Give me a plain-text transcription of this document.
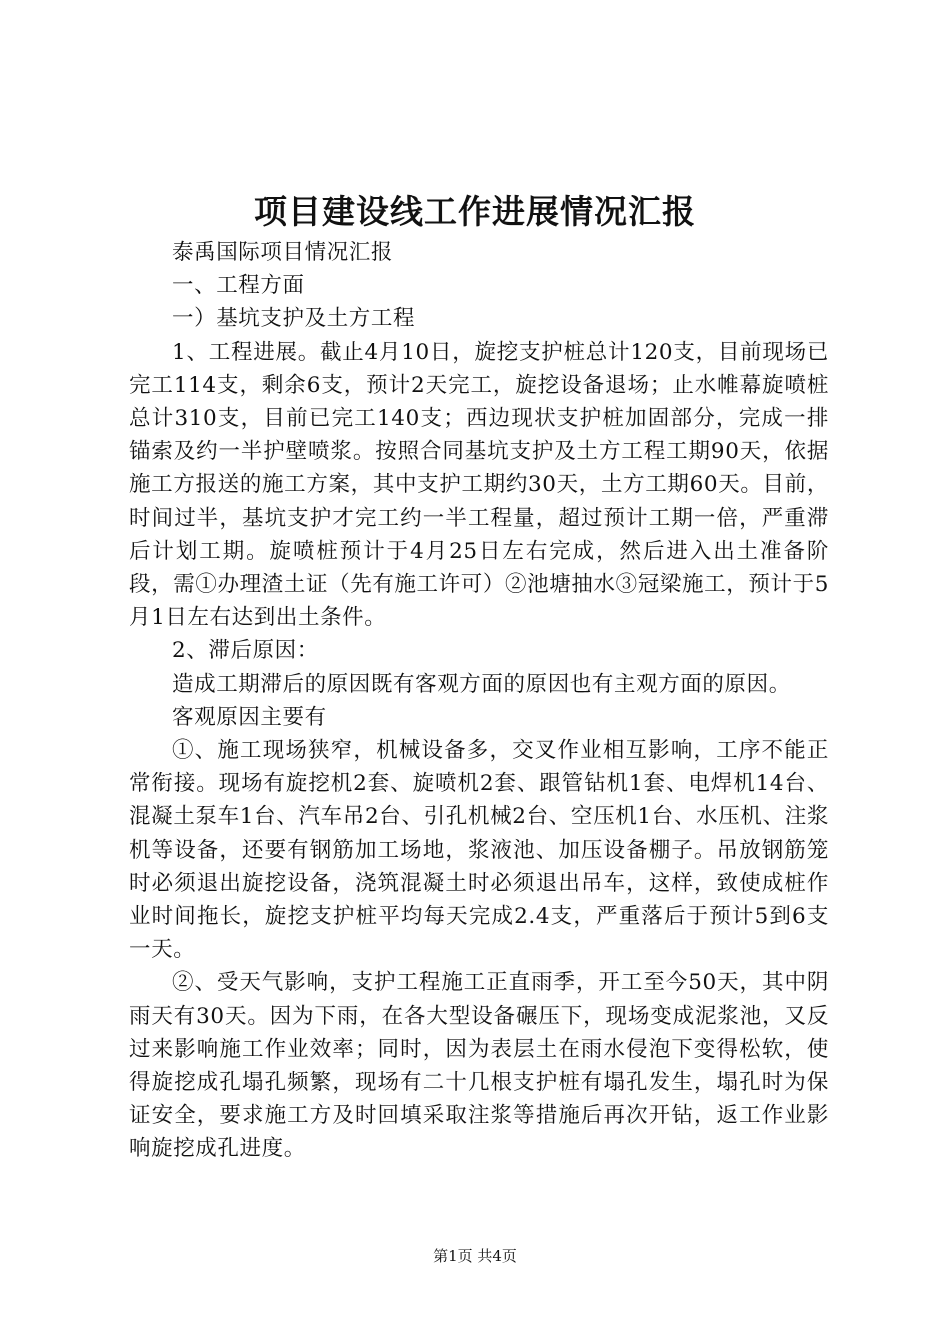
项目建设线工作进展情况汇报

泰禹国际项目情况汇报

一、工程方面

一）基坑支护及土方工程

1、工程进展。截止4月10日，旋挖支护桩总计120支，目前现场已完工114支，剩余6支，预计2天完工，旋挖设备退场；止水帷幕旋喷桩总计310支，目前已完工140支；西边现状支护桩加固部分，完成一排锚索及约一半护壁喷浆。按照合同基坑支护及土方工程工期90天，依据施工方报送的施工方案，其中支护工期约30天，土方工期60天。目前，时间过半，基坑支护才完工约一半工程量，超过预计工期一倍，严重滞后计划工期。旋喷桩预计于4月25日左右完成，然后进入出土准备阶段，需①办理渣土证（先有施工许可）②池塘抽水③冠梁施工，预计于5月1日左右达到出土条件。

2、滞后原因：

造成工期滞后的原因既有客观方面的原因也有主观方面的原因。

客观原因主要有

①、施工现场狭窄，机械设备多，交叉作业相互影响，工序不能正常衔接。现场有旋挖机2套、旋喷机2套、跟管钻机1套、电焊机14台、混凝土泵车1台、汽车吊2台、引孔机械2台、空压机1台、水压机、注浆机等设备，还要有钢筋加工场地，浆液池、加压设备棚子。吊放钢筋笼时必须退出旋挖设备，浇筑混凝土时必须退出吊车，这样，致使成桩作业时间拖长，旋挖支护桩平均每天完成2.4支，严重落后于预计5到6支一天。

②、受天气影响，支护工程施工正直雨季，开工至今50天，其中阴雨天有30天。因为下雨，在各大型设备碾压下，现场变成泥浆池，又反过来影响施工作业效率；同时，因为表层土在雨水侵泡下变得松软，使得旋挖成孔塌孔频繁，现场有二十几根支护桩有塌孔发生，塌孔时为保证安全，要求施工方及时回填采取注浆等措施后再次开钻，返工作业影响旋挖成孔进度。

第1页 共4页
